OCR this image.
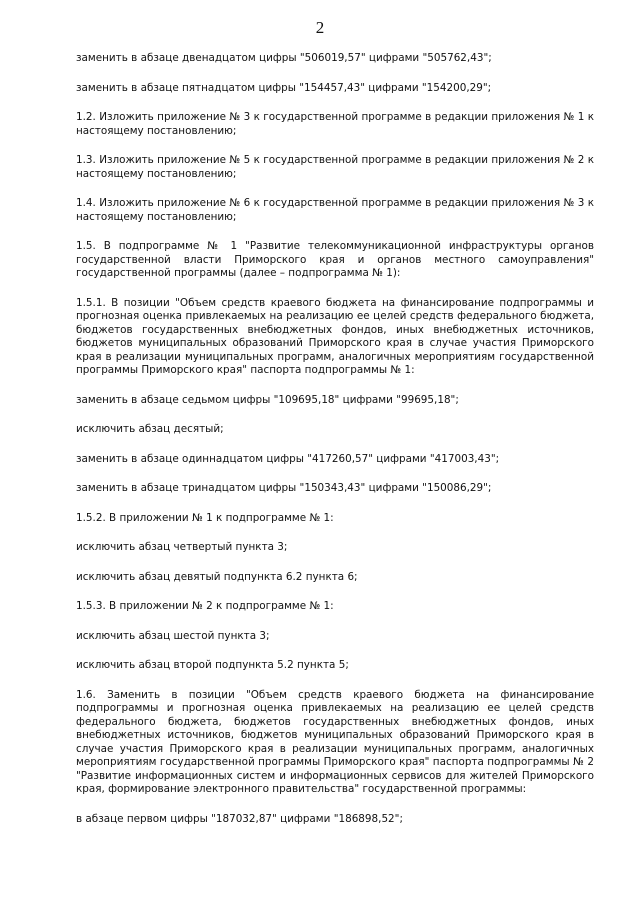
2

заменить в абзаце двенадцатом цифры "506019,57" цифрами "505762,43";

заменить в абзаце пятнадцатом цифры "154457,43" цифрами "154200,29";

1.2. Изложить приложение № 3 к государственной программе в редакции приложения № 1 к настоящему постановлению;

1.3. Изложить приложение № 5 к государственной программе в редакции приложения № 2 к настоящему постановлению;

1.4. Изложить приложение № 6 к государственной программе в редакции приложения № 3 к настоящему постановлению;

1.5. В подпрограмме № 1 "Развитие телекоммуникационной инфраструктуры органов государственной власти Приморского края и органов местного самоуправления" государственной программы (далее – подпрограмма № 1):

1.5.1. В позиции "Объем средств краевого бюджета на финансирование подпрограммы и прогнозная оценка привлекаемых на реализацию ее целей средств федерального бюджета, бюджетов государственных внебюджетных фондов, иных внебюджетных источников, бюджетов муниципальных образований Приморского края в случае участия Приморского края в реализации муниципальных программ, аналогичных мероприятиям государственной программы Приморского края" паспорта подпрограммы № 1:

заменить в абзаце седьмом цифры "109695,18" цифрами "99695,18";

исключить абзац десятый;

заменить в абзаце одиннадцатом цифры "417260,57" цифрами "417003,43";

заменить в абзаце тринадцатом цифры "150343,43" цифрами "150086,29";

1.5.2. В приложении № 1 к подпрограмме № 1:

исключить абзац четвертый пункта 3;

исключить абзац девятый подпункта 6.2 пункта 6;

1.5.3. В приложении № 2 к подпрограмме № 1:

исключить абзац шестой пункта 3;

исключить абзац второй подпункта 5.2 пункта 5;

1.6. Заменить в позиции "Объем средств краевого бюджета на финансирование подпрограммы и прогнозная оценка привлекаемых на реализацию ее целей средств федерального бюджета, бюджетов государственных внебюджетных фондов, иных внебюджетных источников, бюджетов муниципальных образований Приморского края в случае участия Приморского края в реализации муниципальных программ, аналогичных мероприятиям государственной программы Приморского края" паспорта подпрограммы № 2 "Развитие информационных систем и информационных сервисов для жителей Приморского края, формирование электронного правительства" государственной программы:

в абзаце первом цифры "187032,87" цифрами "186898,52";
